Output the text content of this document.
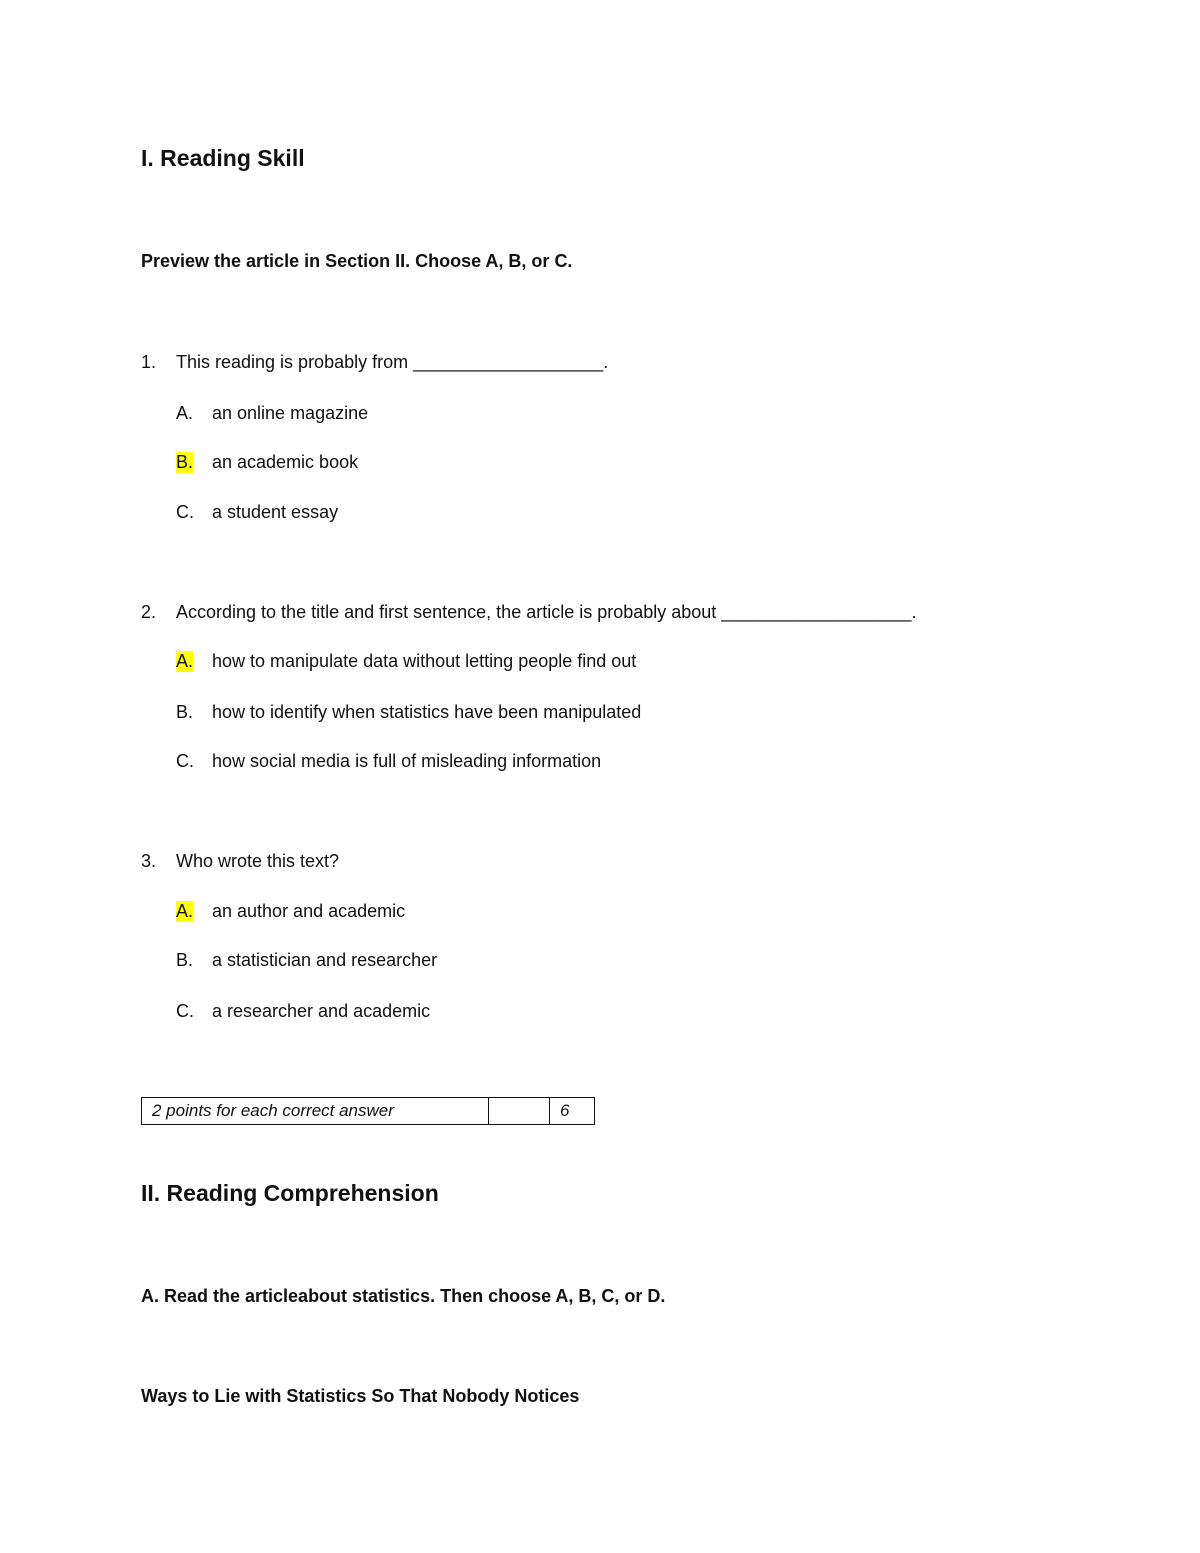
I. Reading Skill
Preview the article in Section II. Choose A, B, or C.
1. This reading is probably from ___________________.
A. an online magazine
B. an academic book
C. a student essay
2. According to the title and first sentence, the article is probably about ___________________.
A. how to manipulate data without letting people find out
B. how to identify when statistics have been manipulated
C. how social media is full of misleading information
3. Who wrote this text?
A. an author and academic
B. a statistician and researcher
C. a researcher and academic
2 points for each correct answer		6
II. Reading Comprehension
A. Read the articleabout statistics. Then choose A, B, C, or D.
Ways to Lie with Statistics So That Nobody Notices
